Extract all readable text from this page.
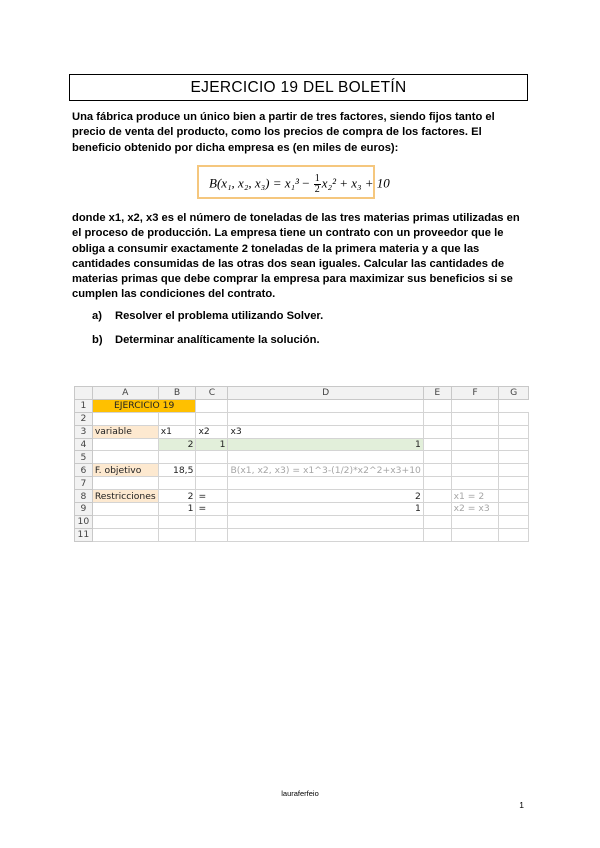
EJERCICIO 19 DEL BOLETÍN

Una fábrica produce un único bien a partir de tres factores, siendo fijos tanto el precio de venta del producto, como los precios de compra de los factores. El beneficio obtenido por dicha empresa es (en miles de euros):

B(x₁, x₂, $x_3) = x_1^3 - \frac{1}{2} x_2^2 + x_3 + 10$

donde x1, x2, x3 es el número de toneladas de las tres materias primas utilizadas en el proceso de producción. La empresa tiene un contrato con un proveedor que le obliga a consumir exactamente 2 toneladas de la primera materia y a que las cantidades consumidas de las otras dos sean iguales. Calcular las cantidades de materias primas que debe comprar la empresa para maximizar sus beneficios si se cumplen las condiciones del contrato.

a) Resolver el problema utilizando Solver.
b) Determinar analíticamente la solución.
	A	B	C	D	E	F	G
1	EJERCICIO 19						
2							
3	variable	x1	x2	x3			
4		2	1	1			
5							
6	F. objetivo	18,5		B(x1, x2, x3) = x1^3-(1/2)*x2^2+x3+10			
7							
8	Restricciones	2	=	2		x1 = 2	
9		1	=	1		x2 = x3	
10							
11							
lauraferfeio
1
